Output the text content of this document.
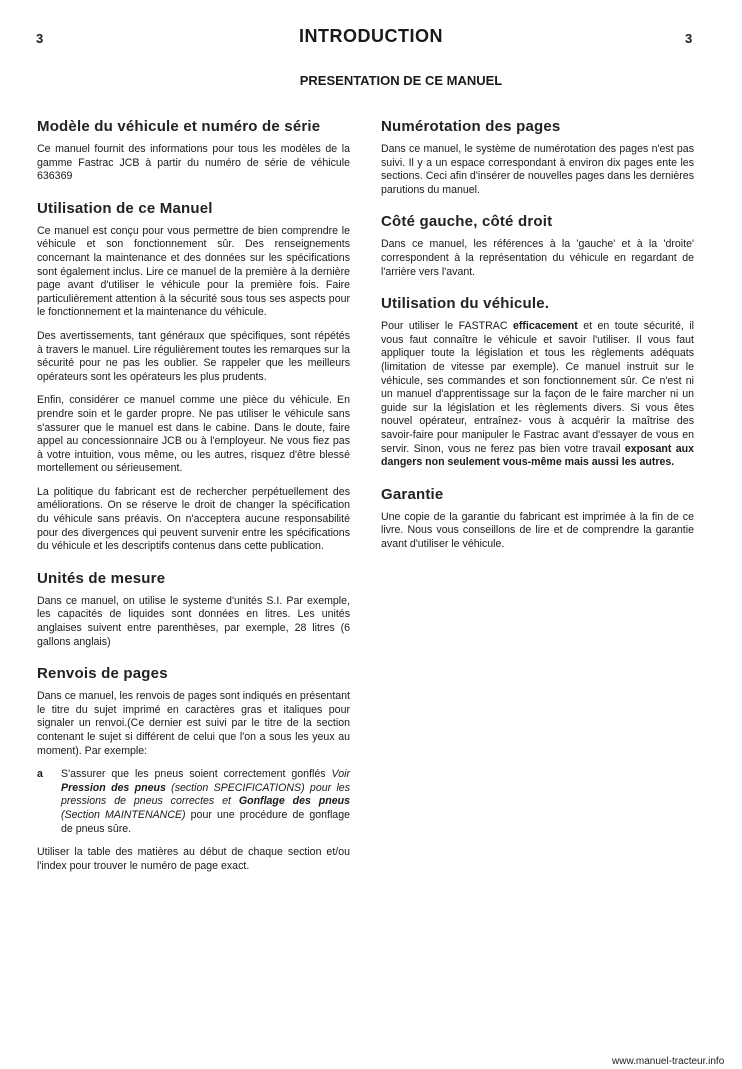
3	INTRODUCTION	3
PRESENTATION DE CE MANUEL
Modèle du véhicule et numéro de série

Ce manuel fournit des informations pour tous les modèles de la gamme Fastrac JCB à partir du numéro de série de véhicule 636369

Utilisation de ce Manuel

Ce manuel est conçu pour vous permettre de bien comprendre le véhicule et son fonctionnement sûr. Des renseignements concernant la maintenance et des données sur les spécifications sont également inclus. Lire ce manuel de la première à la dernière page avant d'utiliser le véhicule pour la première fois. Faire particulièrement attention à la sécurité sous tous ses aspects pour le fonctionnement et la maintenance du véhicule.

Des avertissements, tant généraux que spécifiques, sont répétés à travers le manuel. Lire régulièrement toutes les remarques sur la sécurité pour ne pas les oublier. Se rappeler que les meilleurs opérateurs sont les opérateurs les plus prudents.

Enfin, considérer ce manuel comme une pièce du véhicule. En prendre soin et le garder propre. Ne pas utiliser le véhicule sans s'assurer que le manuel est dans le cabine. Dans le doute, faire appel au concessionnaire JCB ou à l'employeur. Ne vous fiez pas à votre intuition, vous même, ou les autres, risquez d'être blessé mortellement ou sérieusement.

La politique du fabricant est de rechercher perpétuellement des améliorations. On se réserve le droit de changer la spécification du véhicule sans préavis. On n'acceptera aucune responsabilité pour des divergences qui peuvent survenir entre les spécifications du véhicule et les descriptifs contenus dans cette publication.

Unités de mesure

Dans ce manuel, on utilise le systeme d'unités S.I. Par exemple, les capacités de liquides sont données en litres. Les unités anglaises suivent entre parenthèses, par exemple, 28 litres (6 gallons anglais)

Renvois de pages

Dans ce manuel, les renvois de pages sont indiqués en présentant le titre du sujet imprimé en caractères gras et italiques pour signaler un renvoi.(Ce dernier est suivi par le titre de la section contenant le sujet si différent de celui que l'on a sous les yeux au moment). Par exemple:

a	S'assurer que les pneus soient correctement gonflés Voir Pression des pneus (section SPECIFICATIONS) pour les pressions de pneus correctes et Gonflage des pneus (Section MAINTENANCE) pour une procédure de gonflage de pneus sûre.

Utiliser la table des matières au début de chaque section et/ou l'index pour trouver le numéro de page exact.

Numérotation des pages

Dans ce manuel, le système de numérotation des pages n'est pas suivi. Il y a un espace correspondant à environ dix pages ente les sections. Ceci afin d'insérer de nouvelles pages dans les dernières parutions du manuel.

Côté gauche, côté droit

Dans ce manuel, les références à la 'gauche' et à la 'droite' correspondent à la représentation du véhicule en regardant de l'arrière vers l'avant.

Utilisation du véhicule.

Pour utiliser le FASTRAC efficacement et en toute sécurité, il vous faut connaître le véhicule et savoir l'utiliser. Il vous faut appliquer toute la législation et tous les règlements adéquats (limitation de vitesse par exemple). Ce manuel instruit sur le véhicule, ses commandes et son fonctionnement sûr. Ce n'est ni un manuel d'apprentissage sur la façon de le faire marcher ni un guide sur la législation et les règlements divers. Si vous êtes nouvel opérateur, entraînez- vous à acquérir la maîtrise des savoir-faire pour manipuler le Fastrac avant d'essayer de vous en servir. Sinon, vous ne ferez pas bien votre travail exposant aux dangers non seulement vous-même mais aussi les autres.

Garantie

Une copie de la garantie du fabricant est imprimée à la fin de ce livre. Nous vous conseillons de lire et de comprendre la garantie avant d'utiliser le véhicule.

www.manuel-tracteur.info
